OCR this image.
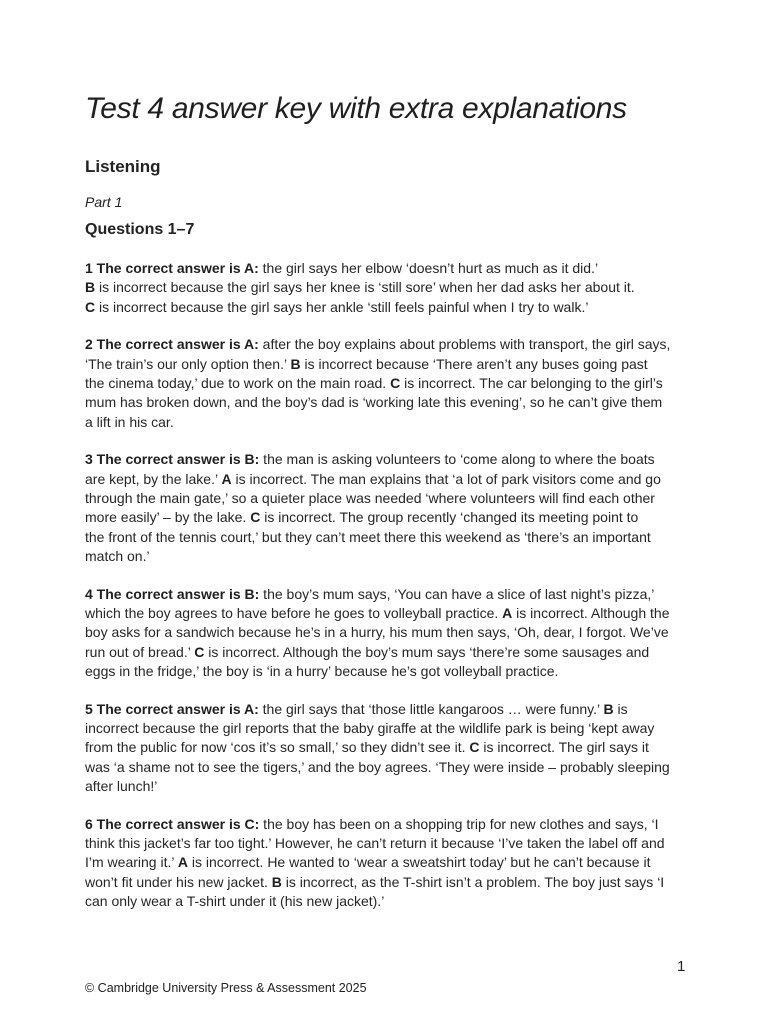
Test 4 answer key with extra explanations
Listening

Part 1

Questions 1–7

1 The correct answer is A: the girl says her elbow ‘doesn’t hurt as much as it did.’
B is incorrect because the girl says her knee is ‘still sore’ when her dad asks her about it.
C is incorrect because the girl says her ankle ‘still feels painful when I try to walk.’

2 The correct answer is A: after the boy explains about problems with transport, the girl says,
‘The train’s our only option then.’ B is incorrect because ‘There aren’t any buses going past
the cinema today,’ due to work on the main road. C is incorrect. The car belonging to the girl’s
mum has broken down, and the boy’s dad is ‘working late this evening’, so he can’t give them
a lift in his car.

3 The correct answer is B: the man is asking volunteers to ‘come along to where the boats
are kept, by the lake.’ A is incorrect. The man explains that ‘a lot of park visitors come and go
through the main gate,’ so a quieter place was needed ‘where volunteers will find each other
more easily’ – by the lake. C is incorrect. The group recently ‘changed its meeting point to
the front of the tennis court,’ but they can’t meet there this weekend as ‘there’s an important
match on.’

4 The correct answer is B: the boy’s mum says, ‘You can have a slice of last night’s pizza,’
which the boy agrees to have before he goes to volleyball practice. A is incorrect. Although the
boy asks for a sandwich because he’s in a hurry, his mum then says, ‘Oh, dear, I forgot. We’ve
run out of bread.’ C is incorrect. Although the boy’s mum says ‘there’re some sausages and
eggs in the fridge,’ the boy is ‘in a hurry’ because he’s got volleyball practice.

5 The correct answer is A: the girl says that ‘those little kangaroos … were funny.’ B is
incorrect because the girl reports that the baby giraffe at the wildlife park is being ‘kept away
from the public for now ‘cos it’s so small,’ so they didn’t see it. C is incorrect. The girl says it
was ‘a shame not to see the tigers,’ and the boy agrees. ‘They were inside – probably sleeping
after lunch!’

6 The correct answer is C: the boy has been on a shopping trip for new clothes and says, ‘I
think this jacket’s far too tight.’ However, he can’t return it because ‘I’ve taken the label off and
I’m wearing it.’ A is incorrect. He wanted to ‘wear a sweatshirt today’ but he can’t because it
won’t fit under his new jacket. B is incorrect, as the T-shirt isn’t a problem. The boy just says ‘I
can only wear a T-shirt under it (his new jacket).’

1
© Cambridge University Press & Assessment 2025
